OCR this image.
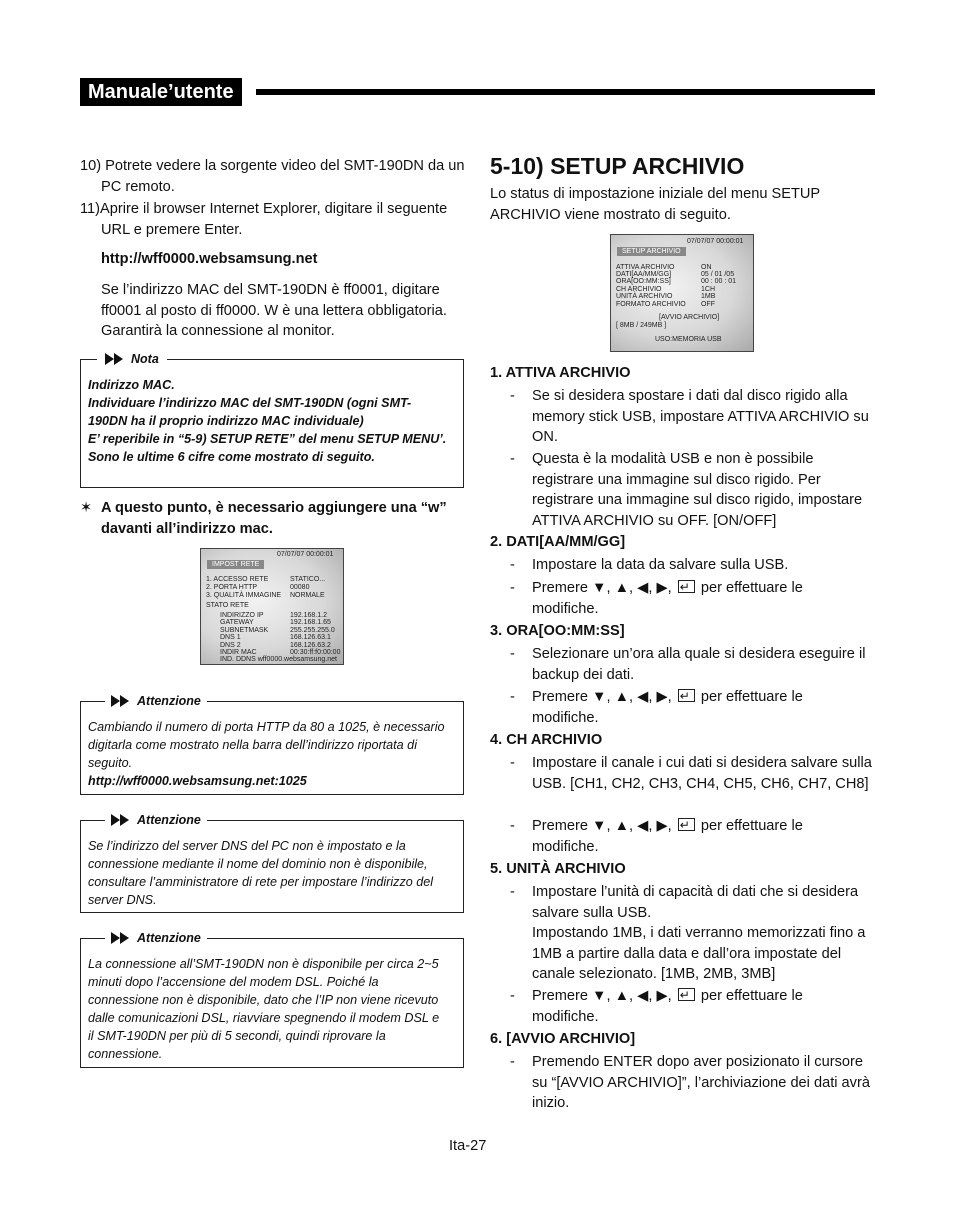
Manuale’utente
10) Potrete vedere la sorgente video del SMT-190DN da un PC remoto.
11)Aprire il browser Internet Explorer, digitare il seguente URL e premere Enter.
http://wff0000.websamsung.net
Se l’indirizzo MAC del SMT-190DN è ff0001, digitare ff0001 al posto di ff0000. W è una lettera obbligatoria. Garantirà la connessione al monitor.
Nota
Indirizzo MAC.
Individuare l’indirizzo MAC del SMT-190DN (ogni SMT-190DN ha il proprio indirizzo MAC individuale)
E’ reperibile in “5-9) SETUP RETE” del menu SETUP MENU’.
Sono le ultime 6 cifre come mostrato di seguito.
✶ A questo punto, è necessario aggiungere una “w” davanti all’indirizzo mac.
07/07/07 00:00:01
IMPOST RETE
1. ACCESSO RETE	STATICO...
2. PORTA HTTP	00080
3. QUALITÀ IMMAGINE NORMALE
STATO RETE
INDIRIZZO IP	192.168.1.2
GATEWAY	192.168.1.65
SUBNETMASK	255.255.255.0
DNS 1	168.126.63.1
DNS 2	168.126.63.2
INDIR MAC	00:30:ff:f0:00:00
IND. DDNS wff0000.websamsung.net
Attenzione
Cambiando il numero di porta HTTP da 80 a 1025, è necessario digitarla come mostrato nella barra dell’indirizzo riportata di seguito.
http://wff0000.websamsung.net:1025
Attenzione
Se l’indirizzo del server DNS del PC non è impostato e la connessione mediante il nome del dominio non è disponibile, consultare l’amministratore di rete per impostare l’indirizzo del server DNS.
Attenzione
La connessione all’SMT-190DN non è disponibile per circa 2~5 minuti dopo l’accensione del modem DSL. Poiché la connessione non è disponibile, dato che l’IP non viene ricevuto dalle comunicazioni DSL, riavviare spegnendo il modem DSL e il SMT-190DN per più di 5 secondi, quindi riprovare la connessione.
5-10) SETUP ARCHIVIO
Lo status di impostazione iniziale del menu SETUP ARCHIVIO viene mostrato di seguito.
07/07/07 00:00:01
SETUP ARCHIVIO
ATTIVA ARCHIVIO	ON
DATI[AA/MM/GG]	05 / 01 /05
ORA[OO:MM:SS]	00 : 00 : 01
CH ARCHIVIO	1CH
UNITÀ ARCHIVIO	1MB
FORMATO ARCHIVIO OFF
[AVVIO ARCHIVIO]
[ 8MB / 249MB ]
USO:MEMORIA USB
1. ATTIVA ARCHIVIO
-	Se si desidera spostare i dati dal disco rigido alla memory stick USB, impostare ATTIVA ARCHIVIO su ON.
-	Questa è la modalità USB e non è possibile registrare una immagine sul disco rigido. Per registrare una immagine sul disco rigido, impostare ATTIVA ARCHIVIO su OFF. [ON/OFF]
2. DATI[AA/MM/GG]
-	Impostare la data da salvare sulla USB.
-	Premere ▼, ▲, ◀, ▶, ↵ per effettuare le modifiche.
3. ORA[OO:MM:SS]
-	Selezionare un’ora alla quale si desidera eseguire il backup dei dati.
-	Premere ▼, ▲, ◀, ▶, ↵ per effettuare le modifiche.
4. CH ARCHIVIO
-	Impostare il canale i cui dati si desidera salvare sulla USB. [CH1, CH2, CH3, CH4, CH5, CH6, CH7, CH8]
-	Premere ▼, ▲, ◀, ▶, ↵ per effettuare le modifiche.
5. UNITÀ ARCHIVIO
- Impostare l’unità di capacità di dati che si desidera salvare sulla USB.
Impostando 1MB, i dati verranno memorizzati fino a 1MB a partire dalla data e dall’ora impostate del canale selezionato. [1MB, 2MB, 3MB]
-	Premere ▼, ▲, ◀, ▶, ↵ per effettuare le modifiche.
6. [AVVIO ARCHIVIO]
-	Premendo ENTER dopo aver posizionato il cursore su “[AVVIO ARCHIVIO]”, l’archiviazione dei dati avrà inizio.
Ita-27
